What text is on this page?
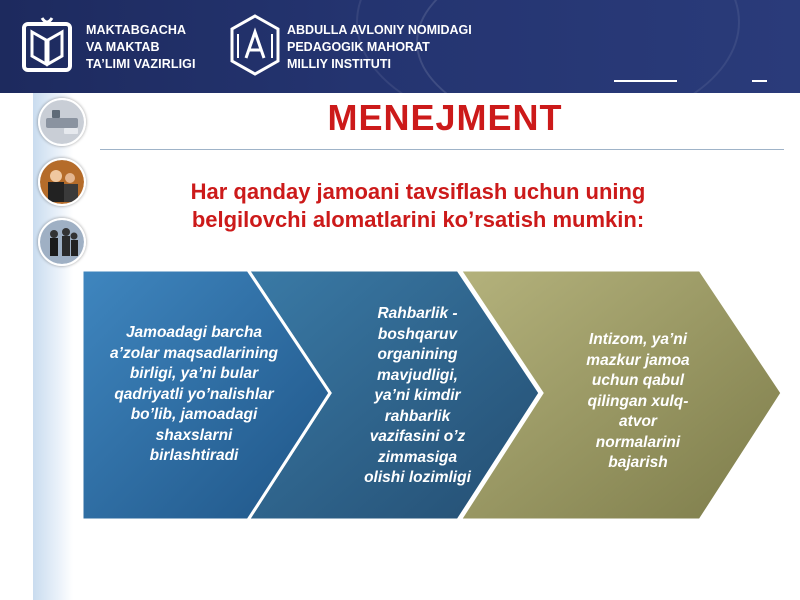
MAKTABGACHA
VA MAKTAB
TA’LIMI VAZIRLIGI
ABDULLA AVLONIY NOMIDAGI
PEDAGOGIK MAHORAT
MILLIY INSTITUTI
MENEJMENT
Har qanday jamoani tavsiflash uchun uning
belgilovchi alomatlarini ko’rsatish mumkin:
Jamoadagi barcha
a’zolar maqsadlarining
birligi, ya’ni bular
qadriyatli yo’nalishlar
bo’lib, jamoadagi
shaxslarni
birlashtiradi
Rahbarlik -
boshqaruv
organining
mavjudligi,
ya’ni kimdir
rahbarlik
vazifasini o’z
zimmasiga
olishi lozimligi
Intizom, ya’ni
mazkur jamoa
uchun qabul
qilingan xulq-
atvor
normalarini
bajarish
